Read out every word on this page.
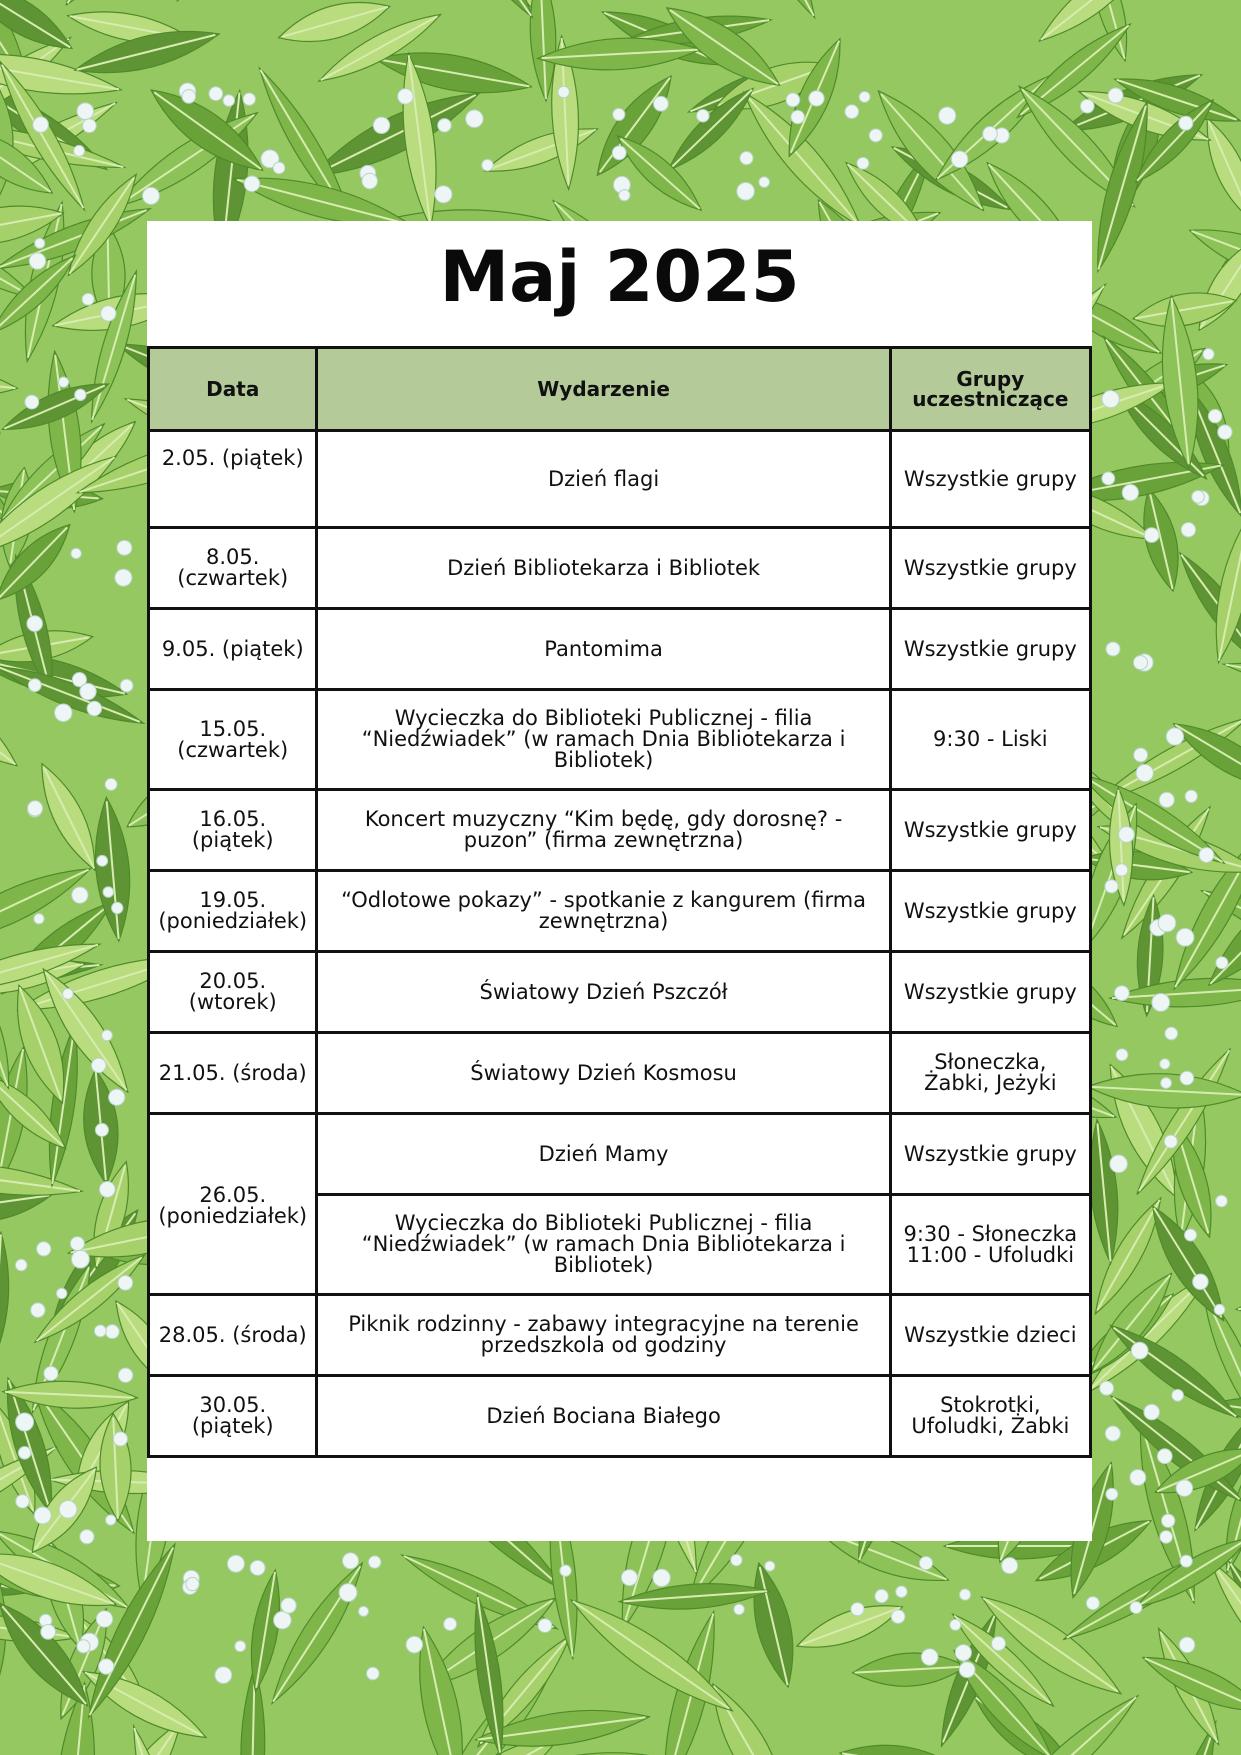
Maj 2025
Data	Wydarzenie	Grupy uczestniczące
2.05. (piątek)	Dzień flagi	Wszystkie grupy
8.05. (czwartek)	Dzień Bibliotekarza i Bibliotek	Wszystkie grupy
9.05. (piątek)	Pantomima	Wszystkie grupy
15.05. (czwartek)	Wycieczka do Biblioteki Publicznej - filia “Niedźwiadek” (w ramach Dnia Bibliotekarza i Bibliotek)	9:30 - Liski
16.05. (piątek)	Koncert muzyczny “Kim będę, gdy dorosnę? - puzon” (firma zewnętrzna)	Wszystkie grupy
19.05. (poniedziałek)	“Odlotowe pokazy” - spotkanie z kangurem (firma zewnętrzna)	Wszystkie grupy
20.05. (wtorek)	Światowy Dzień Pszczół	Wszystkie grupy
21.05. (środa)	Światowy Dzień Kosmosu	Słoneczka, Żabki, Jeżyki
26.05. (poniedziałek)	Dzień Mamy	Wszystkie grupy
	Wycieczka do Biblioteki Publicznej - filia “Niedźwiadek” (w ramach Dnia Bibliotekarza i Bibliotek)	9:30 - Słoneczka 11:00 - Ufoludki
28.05. (środa)	Piknik rodzinny - zabawy integracyjne na terenie przedszkola od godziny	Wszystkie dzieci
30.05. (piątek)	Dzień Bociana Białego	Stokrotki, Ufoludki, Żabki
